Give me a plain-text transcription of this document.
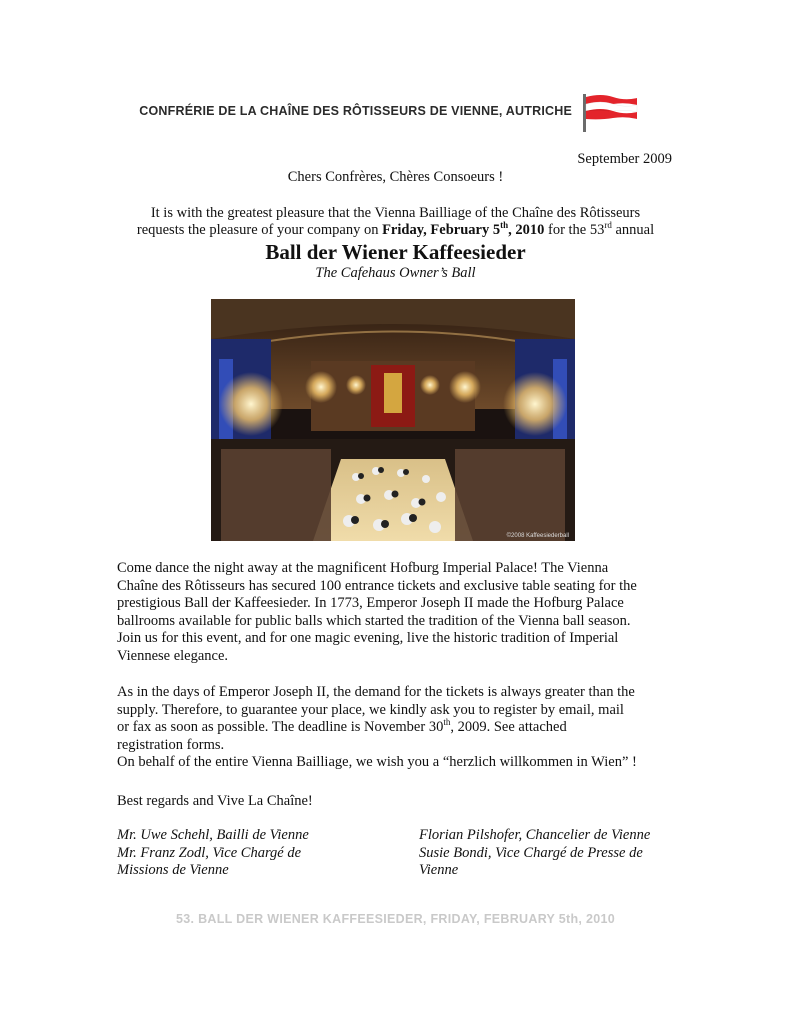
CONFRÉRIE DE LA CHAÎNE DES RÔTISSEURS DE VIENNE, AUTRICHE
September 2009
Chers Confrères, Chères Consoeurs !
It is with the greatest pleasure that the Vienna Bailliage of the Chaîne des Rôtisseurs
requests the pleasure of your company on Friday, February 5th, 2010 for the 53rd annual
Ball der Wiener Kaffeesieder
The Cafehaus Owner’s Ball
©2008 Kaffeesiederball
Come dance the night away at the magnificent Hofburg Imperial Palace! The Vienna
Chaîne des Rôtisseurs has secured 100 entrance tickets and exclusive table seating for the
prestigious Ball der Kaffeesieder. In 1773, Emperor Joseph II made the Hofburg Palace
ballrooms available for public balls which started the tradition of the Vienna ball season.
Join us for this event, and for one magic evening, live the historic tradition of Imperial
Viennese elegance.
As in the days of Emperor Joseph II, the demand for the tickets is always greater than the
supply. Therefore, to guarantee your place, we kindly ask you to register by email, mail
or fax as soon as possible. The deadline is November 30th, 2009. See attached
registration forms.
On behalf of the entire Vienna Bailliage, we wish you a “herzlich willkommen in Wien” !
Best regards and Vive La Chaîne!
Mr. Uwe Schehl, Bailli de Vienne
Mr. Franz Zodl, Vice Chargé de
Missions de Vienne
Florian Pilshofer, Chancelier de Vienne
Susie Bondi, Vice Chargé de Presse de
Vienne
53. BALL DER WIENER KAFFEESIEDER, FRIDAY, FEBRUARY 5th, 2010
